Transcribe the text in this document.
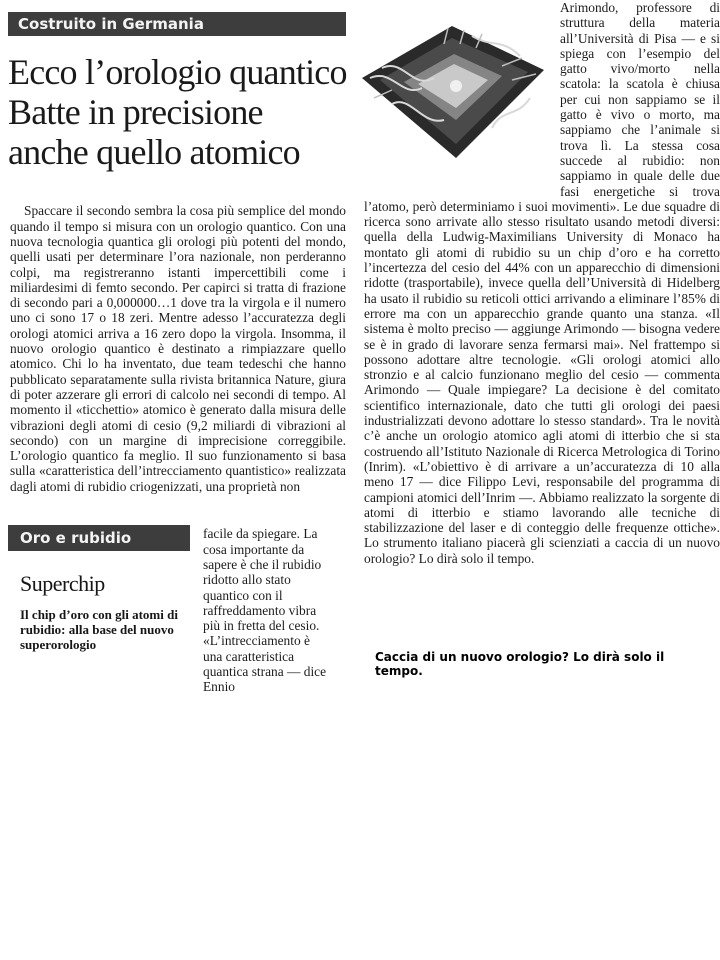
Costruito in Germania
Ecco l’orologio quantico
Batte in precisione
anche quello atomico

Spaccare il secondo sembra la cosa più semplice del mondo quando il tempo si misura con un orologio quantico. Con una nuova tecnologia quantica gli orologi più potenti del mondo, quelli usati per determinare l’ora nazionale, non perderanno colpi, ma registreranno istanti impercettibili come i miliardesimi di femto secondo. Per capirci si tratta di frazione di secondo pari a 0,000000…1 dove tra la virgola e il numero uno ci sono 17 o 18 zeri. Mentre adesso l’accuratezza degli orologi atomici arriva a 16 zero dopo la virgola. Insomma, il nuovo orologio quantico è destinato a rimpiazzare quello atomico. Chi lo ha inventato, due team tedeschi che hanno pubblicato separatamente sulla rivista britannica Nature, giura di poter azzerare gli errori di calcolo nei secondi di tempo. Al momento il «ticchettio» atomico è generato dalla misura delle vibrazioni degli atomi di cesio (9,2 miliardi di vibrazioni al secondo) con un margine di imprecisione correggibile. L’orologio quantico fa meglio. Il suo funzionamento si basa sulla «caratteristica dell’intrecciamento quantistico» realizzata dagli atomi di rubidio criogenizzati, una proprietà non

Oro e rubidio
Superchip
Il chip d’oro con gli atomi di rubidio: alla base del nuovo superorologio

facile da spiegare. La cosa importante da sapere è che il rubidio ridotto allo stato quantico con il raffreddamento vibra più in fretta del cesio. «L’intrecciamento è una caratteristica quantica strana — dice Ennio

Arimondo, professore di struttura della materia all’Università di Pisa — e si spiega con l’esempio del gatto vivo/morto nella scatola: la scatola è chiusa per cui non sappiamo se il gatto è vivo o morto, ma sappiamo che l’animale si trova lì. La stessa cosa succede al rubidio: non sappiamo in quale delle due fasi energetiche si trova l’atomo, però determiniamo i suoi movimenti». Le due squadre di ricerca sono arrivate allo stesso risultato usando metodi diversi: quella della Ludwig-Maximilians University di Monaco ha montato gli atomi di rubidio su un chip d’oro e ha corretto l’incertezza del cesio del 44% con un apparecchio di dimensioni ridotte (trasportabile), invece quella dell’Università di Hidelberg ha usato il rubidio su reticoli ottici arrivando a eliminare l’85% di errore ma con un apparecchio grande quanto una stanza. «Il sistema è molto preciso — aggiunge Arimondo — bisogna vedere se è in grado di lavorare senza fermarsi mai». Nel frattempo si possono adottare altre tecnologie. «Gli orologi atomici allo stronzio e al calcio funzionano meglio del cesio — commenta Arimondo — Quale impiegare? La decisione è del comitato scientifico internazionale, dato che tutti gli orologi dei paesi industrializzati devono adottare lo stesso standard». Tra le novità c’è anche un orologio atomico agli atomi di itterbio che si sta costruendo all’Istituto Nazionale di Ricerca Metrologica di Torino (Inrim). «L’obiettivo è di arrivare a un’accuratezza di 10 alla meno 17 — dice Filippo Levi, responsabile del programma di campioni atomici dell’Inrim —. Abbiamo realizzato la sorgente di atomi di itterbio e stiamo lavorando alle tecniche di stabilizzazione del laser e di conteggio delle frequenze ottiche». Lo strumento italiano piacerà gli scienziati a caccia di un nuovo orologio? Lo dirà solo il tempo.

Caccia di un nuovo orologio? Lo dirà solo il tempo.
